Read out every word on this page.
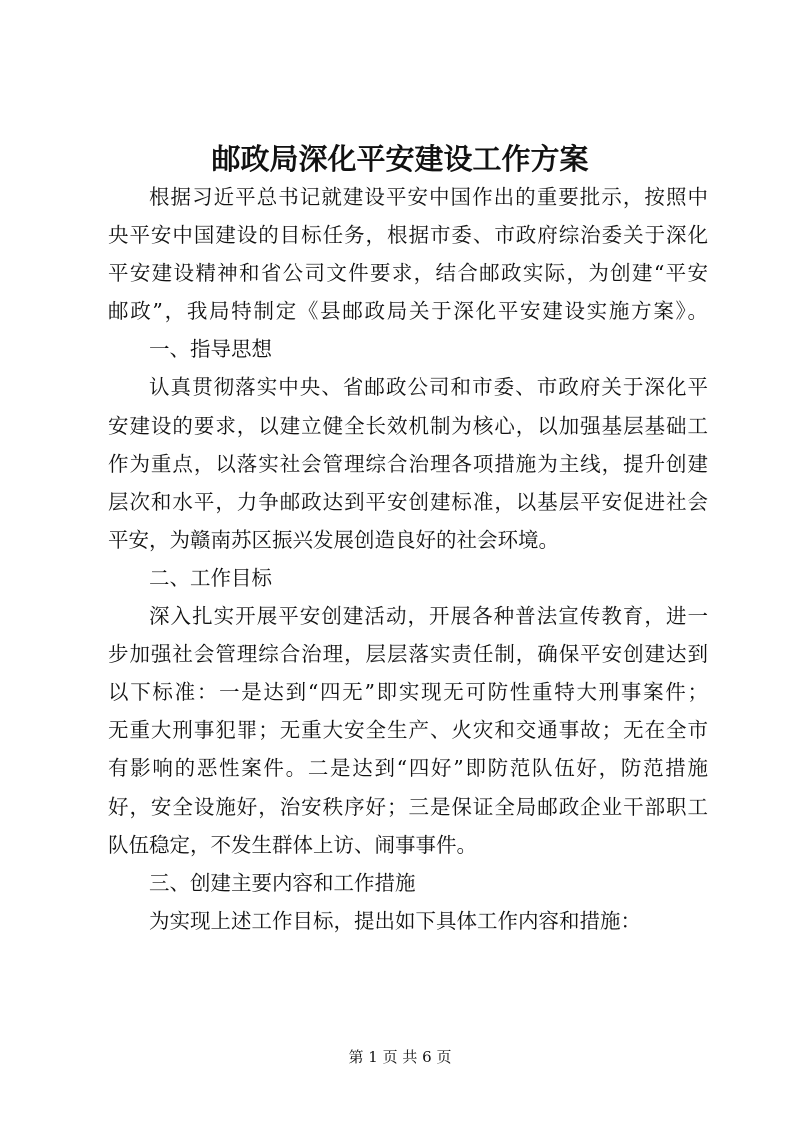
邮政局深化平安建设工作方案
根据习近平总书记就建设平安中国作出的重要批示，按照中
央平安中国建设的目标任务，根据市委、市政府综治委关于深化
平安建设精神和省公司文件要求，结合邮政实际，为创建“平安
邮政”，我局特制定《县邮政局关于深化平安建设实施方案》。
一、指导思想
认真贯彻落实中央、省邮政公司和市委、市政府关于深化平
安建设的要求，以建立健全长效机制为核心，以加强基层基础工
作为重点，以落实社会管理综合治理各项措施为主线，提升创建
层次和水平，力争邮政达到平安创建标准，以基层平安促进社会
平安，为赣南苏区振兴发展创造良好的社会环境。
二、工作目标
深入扎实开展平安创建活动，开展各种普法宣传教育，进一
步加强社会管理综合治理，层层落实责任制，确保平安创建达到
以下标准：一是达到“四无”即实现无可防性重特大刑事案件；
无重大刑事犯罪；无重大安全生产、火灾和交通事故；无在全市
有影响的恶性案件。二是达到“四好”即防范队伍好，防范措施
好，安全设施好，治安秩序好；三是保证全局邮政企业干部职工
队伍稳定，不发生群体上访、闹事事件。
三、创建主要内容和工作措施
为实现上述工作目标，提出如下具体工作内容和措施：
第 1 页 共 6 页
